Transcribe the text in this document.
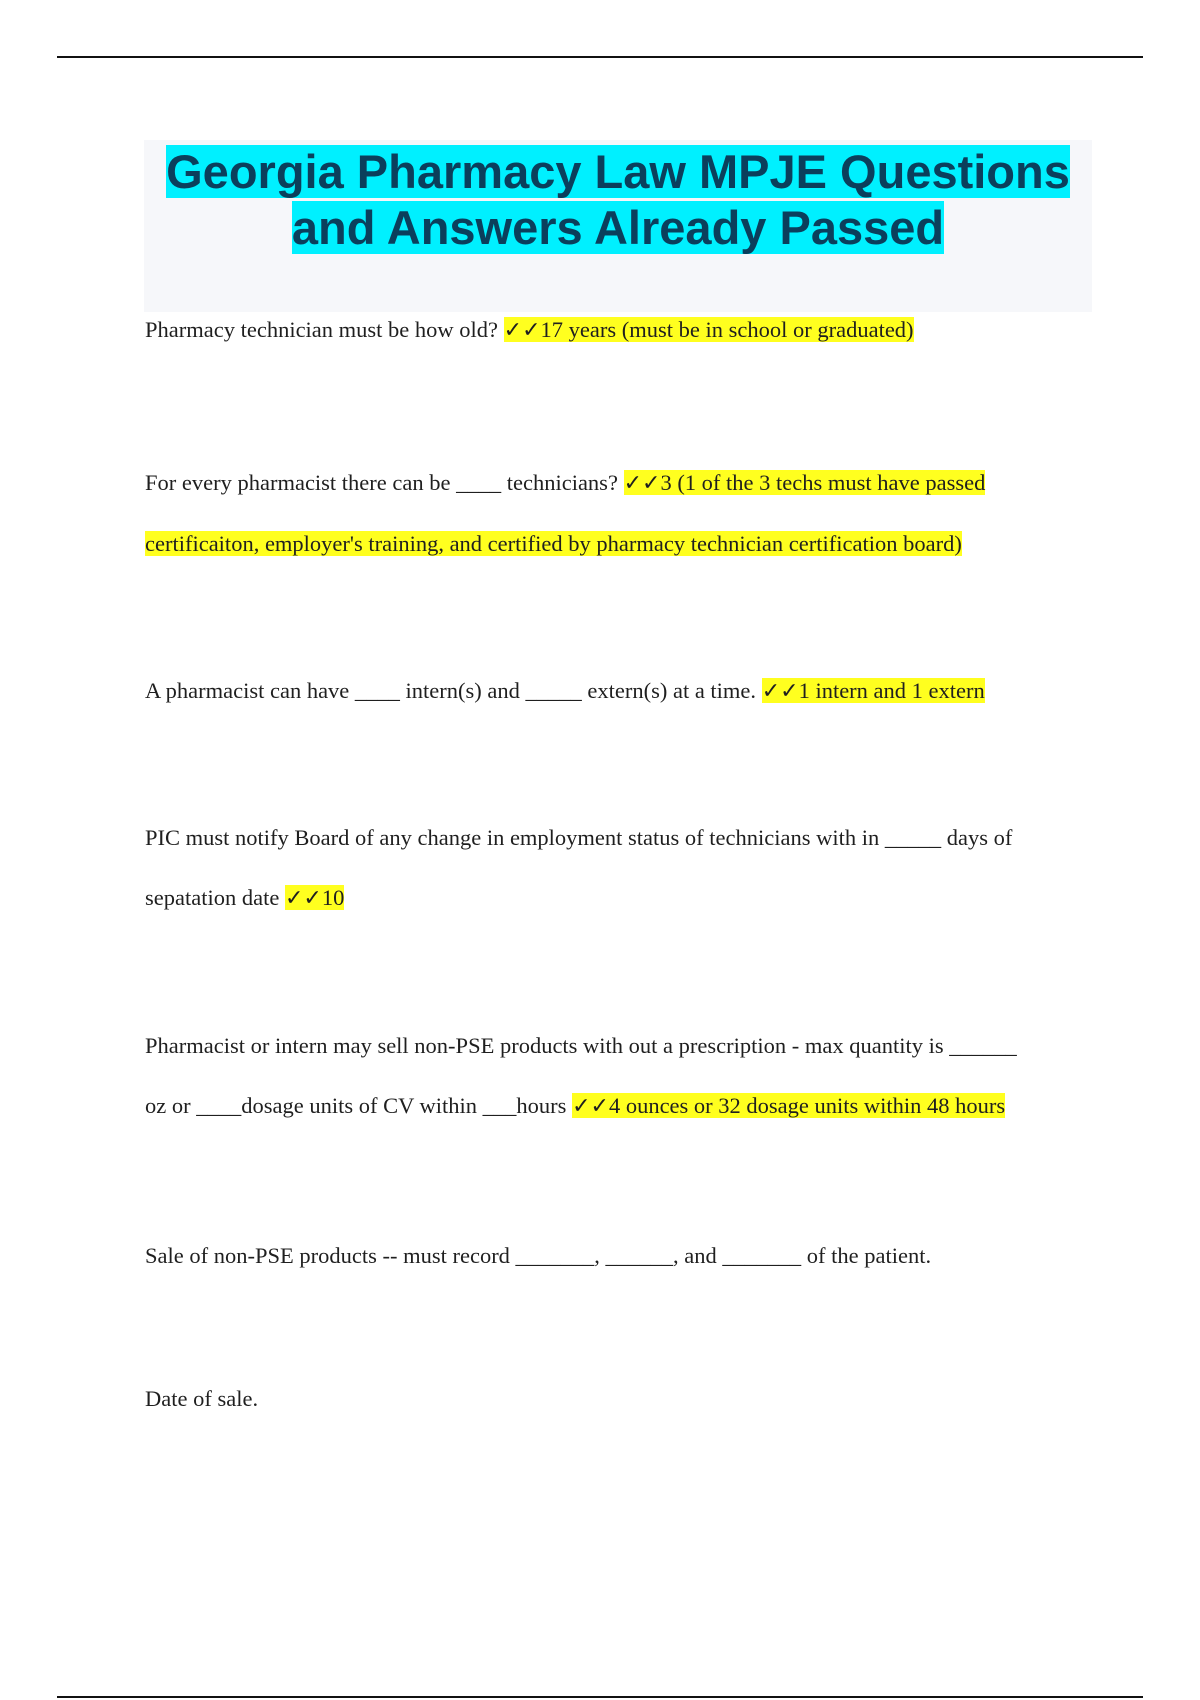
Georgia Pharmacy Law MPJE Questions
and Answers Already Passed

Pharmacy technician must be how old? ✓✓17 years (must be in school or graduated)

For every pharmacist there can be ____ technicians? ✓✓3 (1 of the 3 techs must have passed
certificaiton, employer's training, and certified by pharmacy technician certification board)

A pharmacist can have ____ intern(s) and _____ extern(s) at a time. ✓✓1 intern and 1 extern

PIC must notify Board of any change in employment status of technicians with in _____ days of
sepatation date ✓✓10

Pharmacist or intern may sell non-PSE products with out a prescription - max quantity is ______
oz or ____dosage units of CV within ___hours ✓✓4 ounces or 32 dosage units within 48 hours

Sale of non-PSE products -- must record _______, ______, and _______ of the patient.

Date of sale.
